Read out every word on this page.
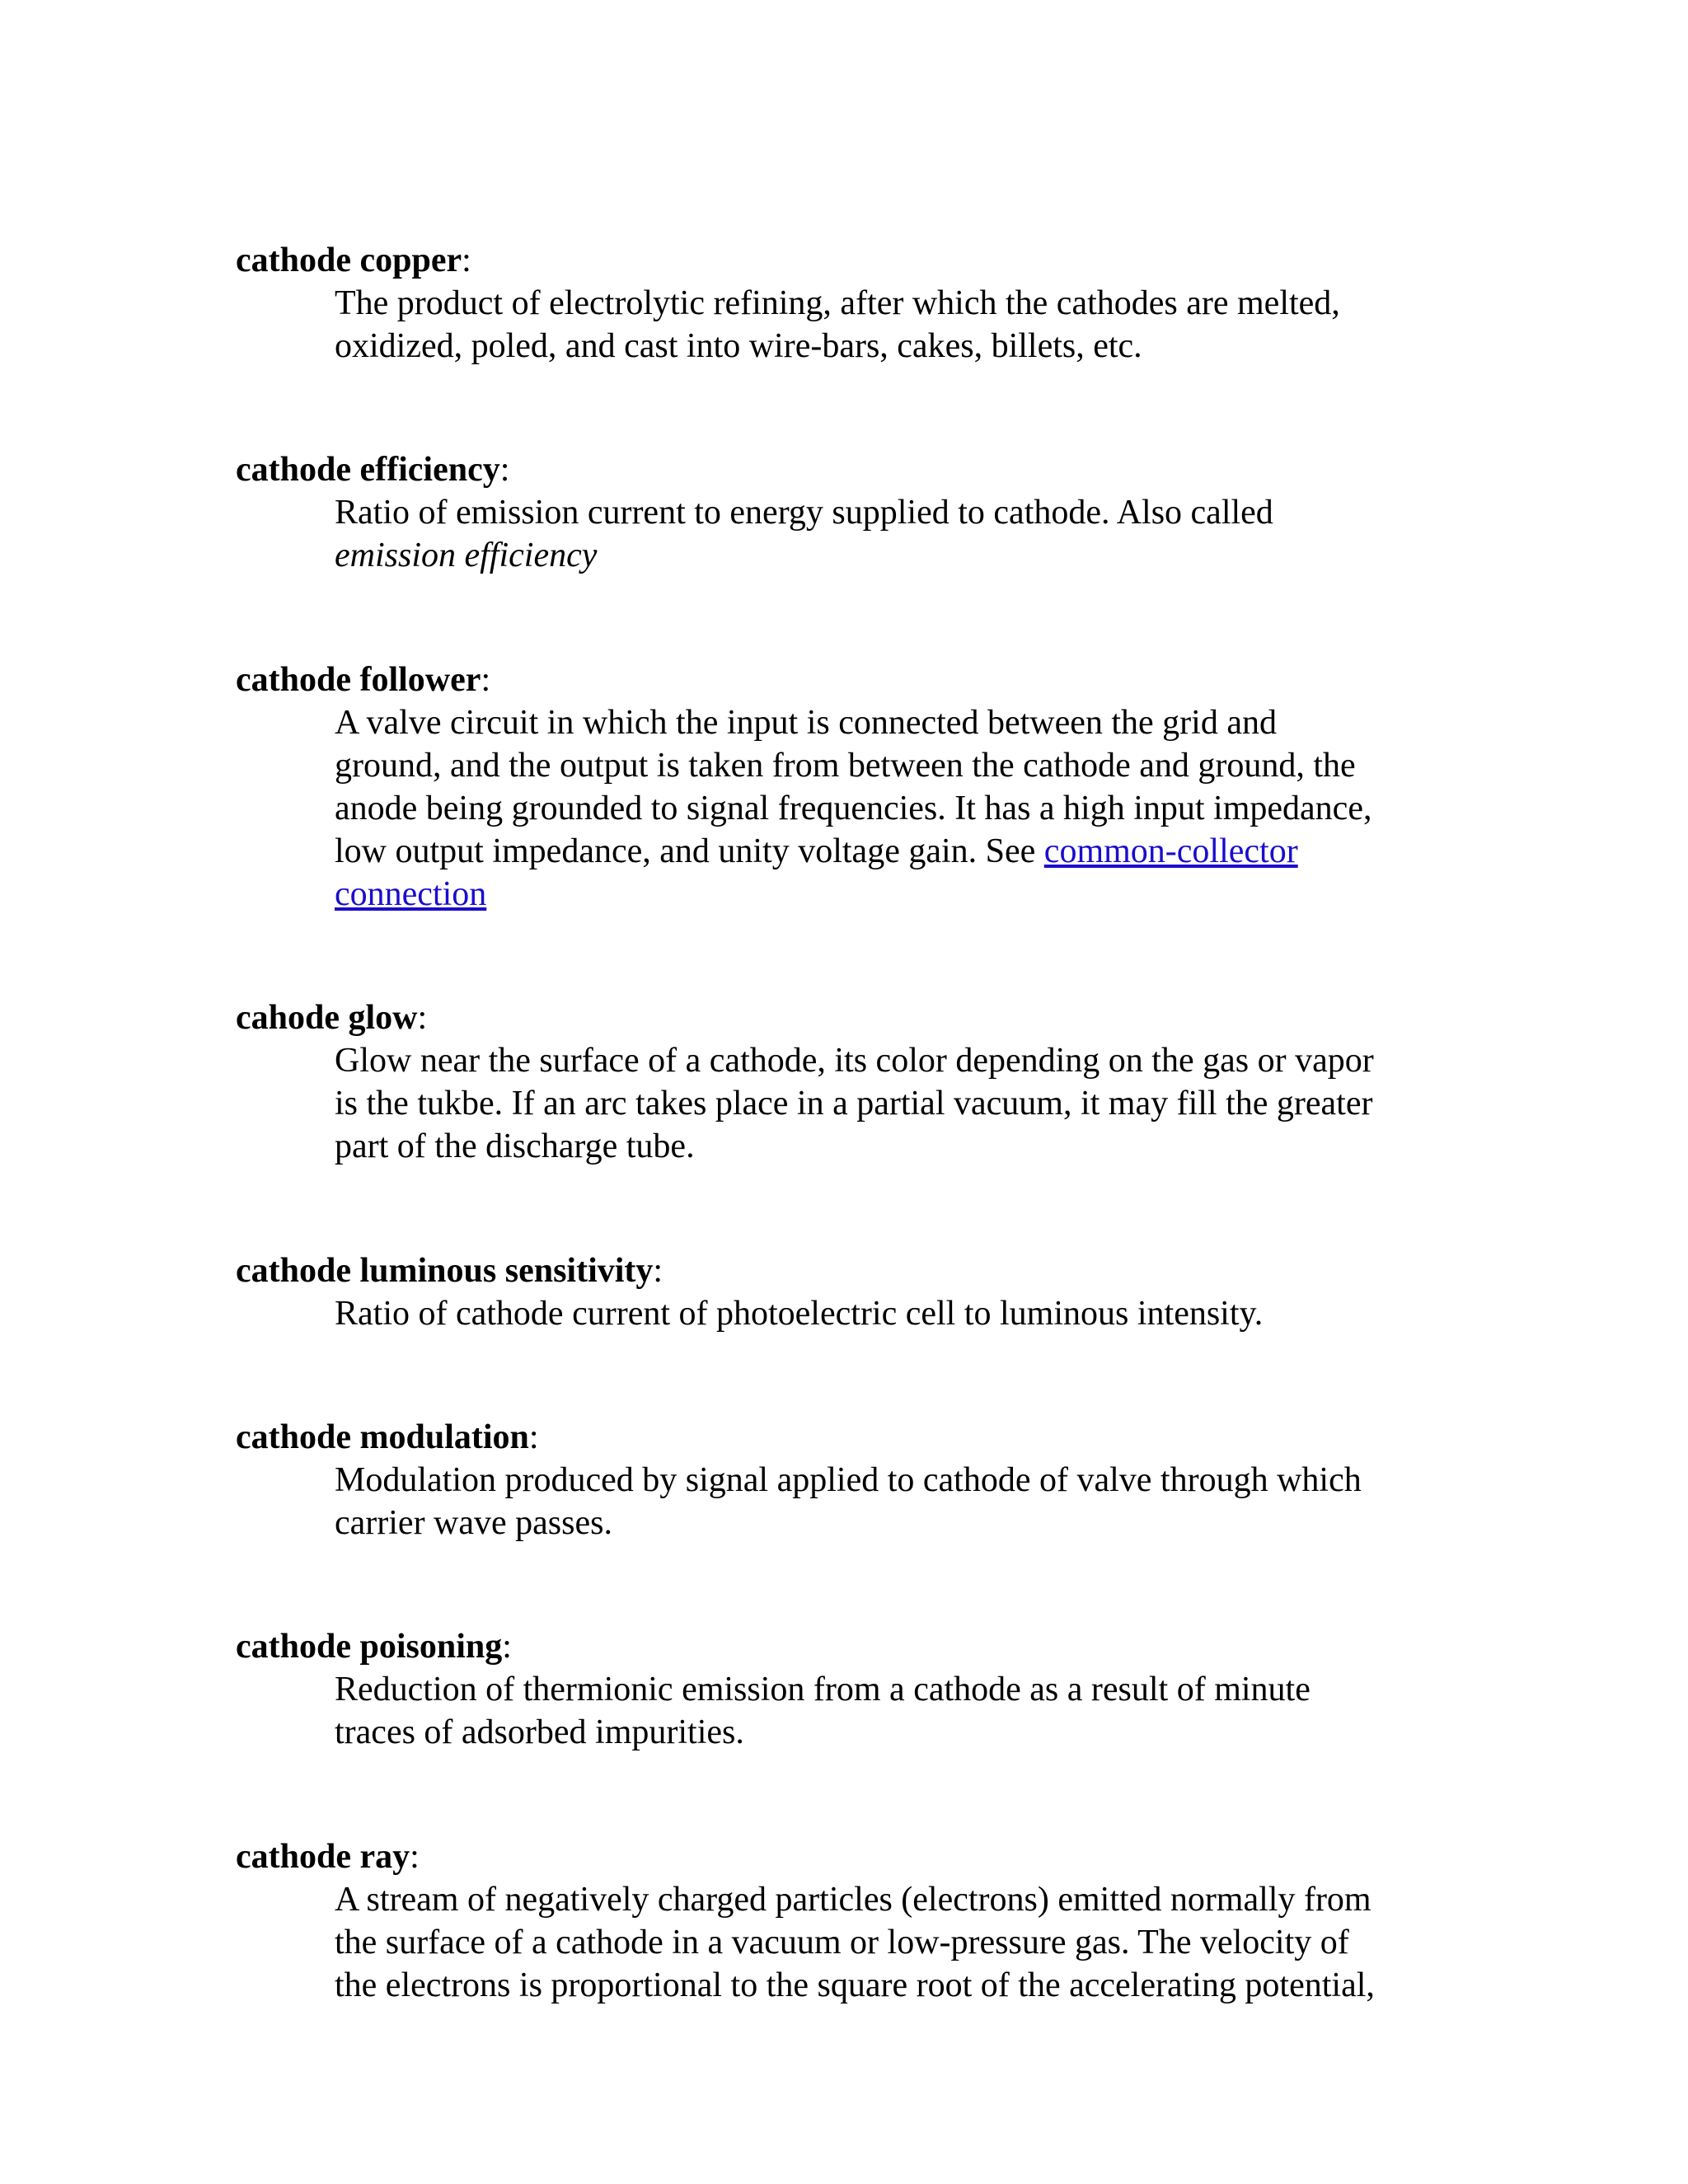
cathode copper:

The product of electrolytic refining, after which the cathodes are melted,
oxidized, poled, and cast into wire-bars, cakes, billets, etc.

cathode efficiency:

Ratio of emission current to energy supplied to cathode. Also called
emission efficiency

cathode follower:

A valve circuit in which the input is connected between the grid and
ground, and the output is taken from between the cathode and ground, the
anode being grounded to signal frequencies. It has a high input impedance,
low output impedance, and unity voltage gain. See common-collector
connection

cahode glow:

Glow near the surface of a cathode, its color depending on the gas or vapor
is the tukbe. If an arc takes place in a partial vacuum, it may fill the greater
part of the discharge tube.

cathode luminous sensitivity:

Ratio of cathode current of photoelectric cell to luminous intensity.

cathode modulation:

Modulation produced by signal applied to cathode of valve through which
carrier wave passes.

cathode poisoning:

Reduction of thermionic emission from a cathode as a result of minute
traces of adsorbed impurities.

cathode ray:

A stream of negatively charged particles (electrons) emitted normally from
the surface of a cathode in a vacuum or low-pressure gas. The velocity of
the electrons is proportional to the square root of the accelerating potential,
